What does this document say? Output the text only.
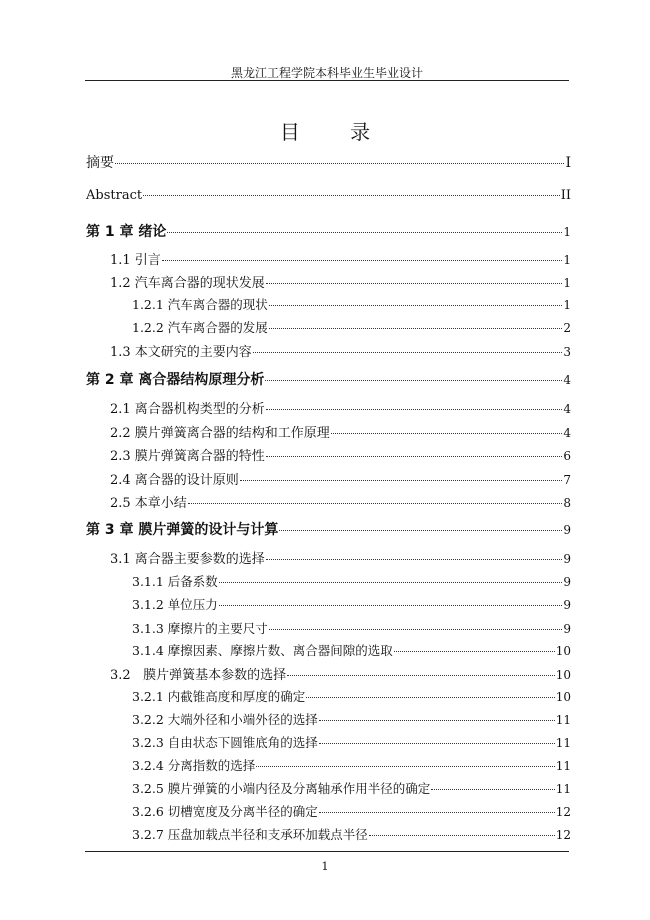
黑龙江工程学院本科毕业生毕业设计
目 录
摘要	I
Abstract	II
第 1 章 绪论	1
1.1 引言	1
1.2 汽车离合器的现状发展	1
1.2.1 汽车离合器的现状	1
1.2.2 汽车离合器的发展	2
1.3 本文研究的主要内容	3
第 2 章 离合器结构原理分析	4
2.1 离合器机构类型的分析	4
2.2 膜片弹簧离合器的结构和工作原理	4
2.3 膜片弹簧离合器的特性	6
2.4 离合器的设计原则	7
2.5 本章小结	8
第 3 章 膜片弹簧的设计与计算	9
3.1 离合器主要参数的选择	9
3.1.1 后备系数	9
3.1.2 单位压力	9
3.1.3 摩擦片的主要尺寸	9
3.1.4 摩擦因素、摩擦片数、离合器间隙的选取	10
3.2   膜片弹簧基本参数的选择	10
3.2.1 内截锥高度和厚度的确定	10
3.2.2 大端外径和小端外径的选择	11
3.2.3 自由状态下圆锥底角的选择	11
3.2.4 分离指数的选择	11
3.2.5 膜片弹簧的小端内径及分离轴承作用半径的确定	11
3.2.6 切槽宽度及分离半径的确定	12
3.2.7 压盘加载点半径和支承环加载点半径	12
1
